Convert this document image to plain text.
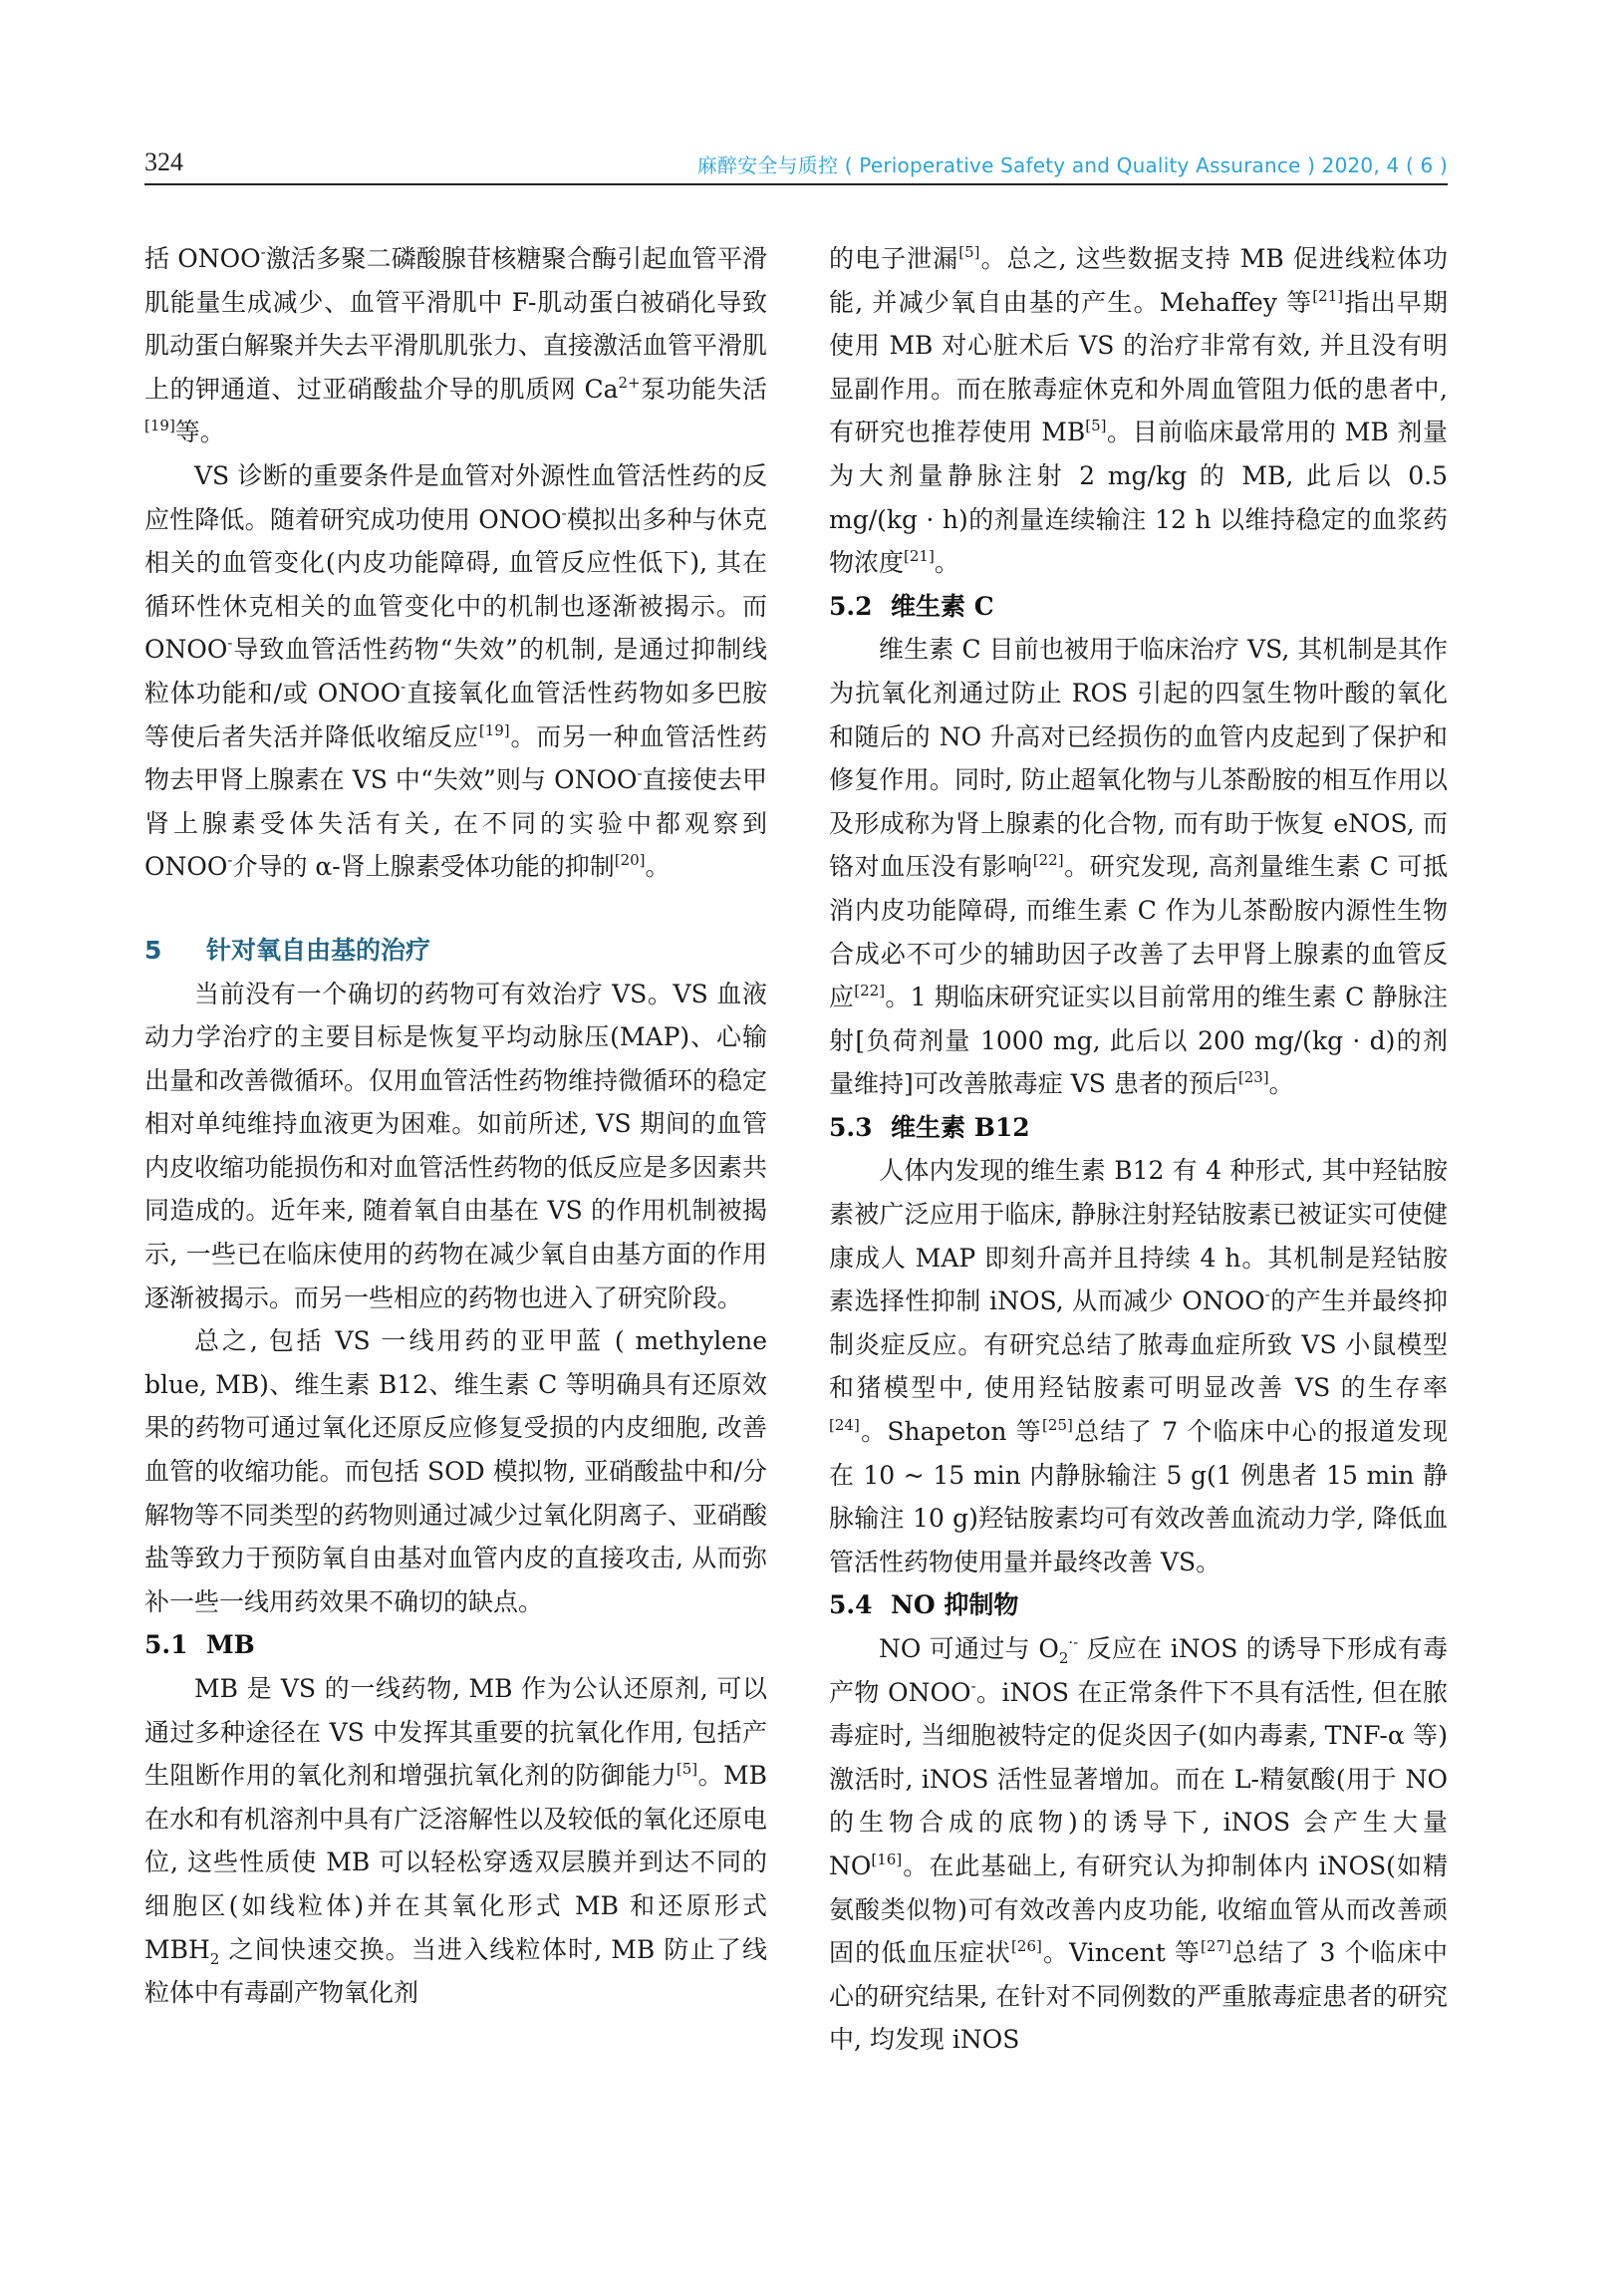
324	麻醉安全与质控 ( Perioperative Safety and Quality Assurance ) 2020, 4 ( 6 )

括 ONOO-激活多聚二磷酸腺苷核糖聚合酶引起血管平滑肌能量生成减少、血管平滑肌中 F-肌动蛋白被硝化导致肌动蛋白解聚并失去平滑肌肌张力、直接激活血管平滑肌上的钾通道、过亚硝酸盐介导的肌质网 $Ca^{2+}$泵功能失活[19]等。

VS 诊断的重要条件是血管对外源性血管活性药的反应性降低。随着研究成功使用 ONOO-模拟出多种与休克相关的血管变化(内皮功能障碍, 血管反应性低下), 其在循环性休克相关的血管变化中的机制也逐渐被揭示。而 ONOO-导致血管活性药物“失效”的机制, 是通过抑制线粒体功能和/或 ONOO-直接氧化血管活性药物如多巴胺等使后者失活并降低收缩反应[19]。而另一种血管活性药物去甲肾上腺素在 VS 中“失效”则与 ONOO-直接使去甲肾上腺素受体失活有关, 在不同的实验中都观察到 ONOO-介导的 α-肾上腺素受体功能的抑制[20]。

5 针对氧自由基的治疗

当前没有一个确切的药物可有效治疗 VS。VS 血液动力学治疗的主要目标是恢复平均动脉压(MAP)、心输出量和改善微循环。仅用血管活性药物维持微循环的稳定相对单纯维持血液更为困难。如前所述, VS 期间的血管内皮收缩功能损伤和对血管活性药物的低反应是多因素共同造成的。近年来, 随着氧自由基在 VS 的作用机制被揭示, 一些已在临床使用的药物在减少氧自由基方面的作用逐渐被揭示。而另一些相应的药物也进入了研究阶段。

总之, 包括 VS 一线用药的亚甲蓝 ( methylene blue, MB)、维生素 B12、维生素 C 等明确具有还原效果的药物可通过氧化还原反应修复受损的内皮细胞, 改善血管的收缩功能。而包括 SOD 模拟物, 亚硝酸盐中和/分解物等不同类型的药物则通过减少过氧化阴离子、亚硝酸盐等致力于预防氧自由基对血管内皮的直接攻击, 从而弥补一些一线用药效果不确切的缺点。

5.1 MB

MB 是 VS 的一线药物, MB 作为公认还原剂, 可以通过多种途径在 VS 中发挥其重要的抗氧化作用, 包括产生阻断作用的氧化剂和增强抗氧化剂的防御能力[5]。MB 在水和有机溶剂中具有广泛溶解性以及较低的氧化还原电位, 这些性质使 MB 可以轻松穿透双层膜并到达不同的细胞区(如线粒体)并在其氧化形式 MB 和还原形式 $MBH_2$ 之间快速交换。当进入线粒体时, MB 防止了线粒体中有毒副产物氧化剂

的电子泄漏[5]。总之, 这些数据支持 MB 促进线粒体功能, 并减少氧自由基的产生。Mehaffey 等[21]指出早期使用 MB 对心脏术后 VS 的治疗非常有效, 并且没有明显副作用。而在脓毒症休克和外周血管阻力低的患者中, 有研究也推荐使用 MB[5]。目前临床最常用的 MB 剂量为大剂量静脉注射 2 mg/kg 的 MB, 此后以 0.5 mg/(kg · h)的剂量连续输注 12 h 以维持稳定的血浆药物浓度[21]。

5.2 维生素 C

维生素 C 目前也被用于临床治疗 VS, 其机制是其作为抗氧化剂通过防止 ROS 引起的四氢生物叶酸的氧化和随后的 NO 升高对已经损伤的血管内皮起到了保护和修复作用。同时, 防止超氧化物与儿茶酚胺的相互作用以及形成称为肾上腺素的化合物, 而有助于恢复 eNOS, 而铬对血压没有影响[22]。研究发现, 高剂量维生素 C 可抵消内皮功能障碍, 而维生素 C 作为儿茶酚胺内源性生物合成必不可少的辅助因子改善了去甲肾上腺素的血管反应[22]。1 期临床研究证实以目前常用的维生素 C 静脉注射[负荷剂量 1000 mg, 此后以 200 mg/(kg · d)的剂量维持]可改善脓毒症 VS 患者的预后[23]。

5.3 维生素 B12

人体内发现的维生素 B12 有 4 种形式, 其中羟钴胺素被广泛应用于临床, 静脉注射羟钴胺素已被证实可使健康成人 MAP 即刻升高并且持续 4 h。其机制是羟钴胺素选择性抑制 iNOS, 从而减少 ONOO-的产生并最终抑制炎症反应。有研究总结了脓毒血症所致 VS 小鼠模型和猪模型中, 使用羟钴胺素可明显改善 VS 的生存率[24]。Shapeton 等[25]总结了 7 个临床中心的报道发现在 10 ~ 15 min 内静脉输注 5 g(1 例患者 15 min 静脉输注 10 g)羟钴胺素均可有效改善血流动力学, 降低血管活性药物使用量并最终改善 VS。

5.4 NO 抑制物

NO 可通过与 $O_2^{\cdot-}$ 反应在 iNOS 的诱导下形成有毒产物 ONOO-。iNOS 在正常条件下不具有活性, 但在脓毒症时, 当细胞被特定的促炎因子(如内毒素, TNF-α 等) 激活时, iNOS 活性显著增加。而在 L-精氨酸(用于 NO 的生物合成的底物)的诱导下, iNOS 会产生大量 NO[16]。在此基础上, 有研究认为抑制体内 iNOS(如精氨酸类似物)可有效改善内皮功能, 收缩血管从而改善顽固的低血压症状[26]。Vincent 等[27]总结了 3 个临床中心的研究结果, 在针对不同例数的严重脓毒症患者的研究中, 均发现 iNOS
